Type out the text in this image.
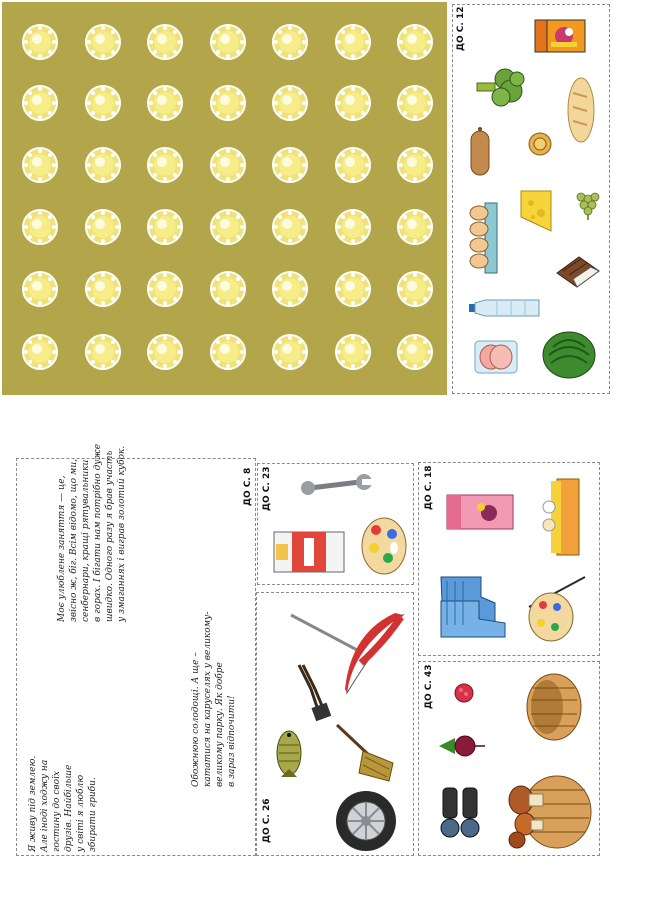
ДО С. 12
Я живу під землею.
Але іноді ходжу на
гостину до своїх
друзів. Найбільше
у світі я люблю
збирати гриби.
Обожнюю солодощі. А ще –
кататися на каруселях у великому-
великому парку. Як добре
в зараз відпочити!
Моє улюблене заняття — це,
звісно ж, біг. Всім відомо, що ми,
сенбернари, кращі рятувальники
в горах. І бігати нам потрібно дуже
швидко. Одного разу я брав участь
у змаганнях і виграв золотий кубок.
ДО С. 8
ДО С. 26
ДО С. 23	ДО С. 18
ДО С. 43
